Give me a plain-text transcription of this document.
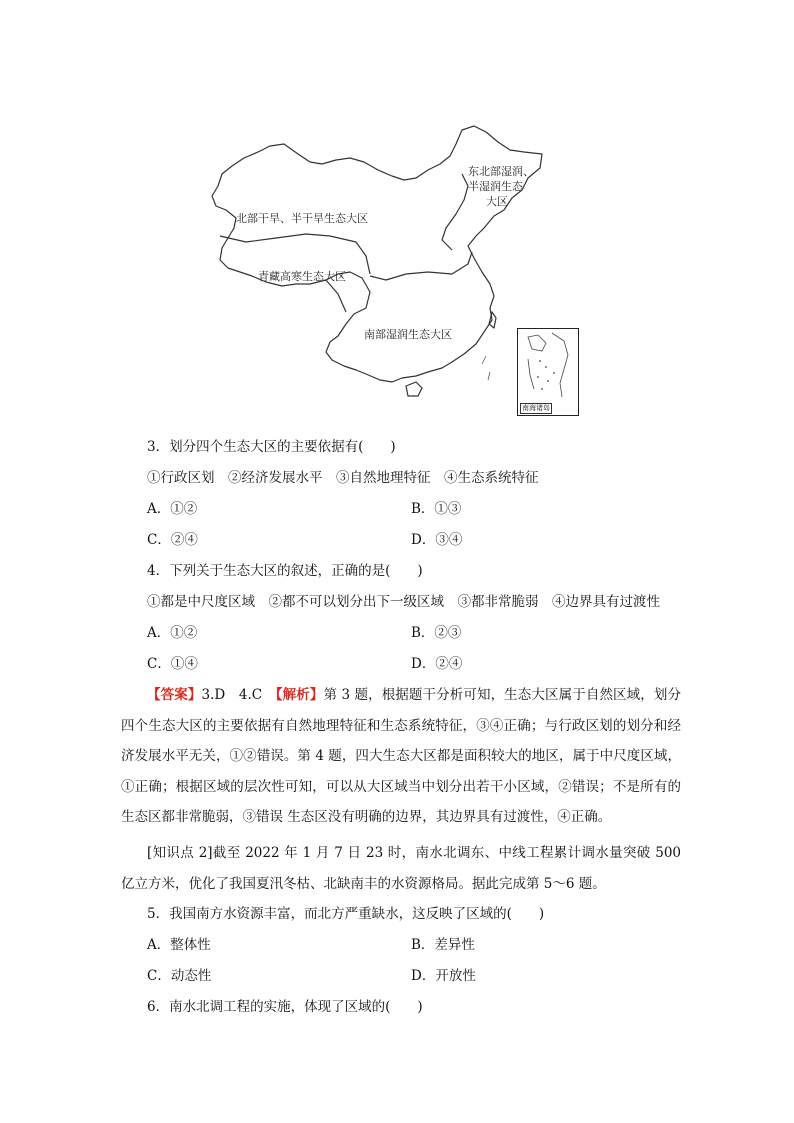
东北部湿润、
半湿润生态
大区
北部干旱、半干旱生态大区
青藏高寒生态大区
南部湿润生态大区
南海诸岛
3．划分四个生态大区的主要依据有(　　)
①行政区划　②经济发展水平　③自然地理特征　④生态系统特征
A．①②	B．①③
C．②④	D．③④
4．下列关于生态大区的叙述，正确的是(　　)
①都是中尺度区域　②都不可以划分出下一级区域　③都非常脆弱　④边界具有过渡性
A．①②	B．②③
C．①④	D．②④

【答案】3.D　4.C　【解析】第 3 题，根据题干分析可知，生态大区属于自然区域，划分四个生态大区的主要依据有自然地理特征和生态系统特征，③④正确；与行政区划的划分和经济发展水平无关，①②错误。第 4 题，四大生态大区都是面积较大的地区，属于中尺度区域，①正确；根据区域的层次性可知，可以从大区域当中划分出若干小区域，②错误；不是所有的生态区都非常脆弱，③错误 生态区没有明确的边界，其边界具有过渡性，④正确。

[知识点 2]截至 2022 年 1 月 7 日 23 时，南水北调东、中线工程累计调水量突破 500 亿立方米，优化了我国夏汛冬枯、北缺南丰的水资源格局。据此完成第 5～6 题。

5．我国南方水资源丰富，而北方严重缺水，这反映了区域的(　　)
A．整体性	B．差异性
C．动态性	D．开放性
6．南水北调工程的实施，体现了区域的(　　)
